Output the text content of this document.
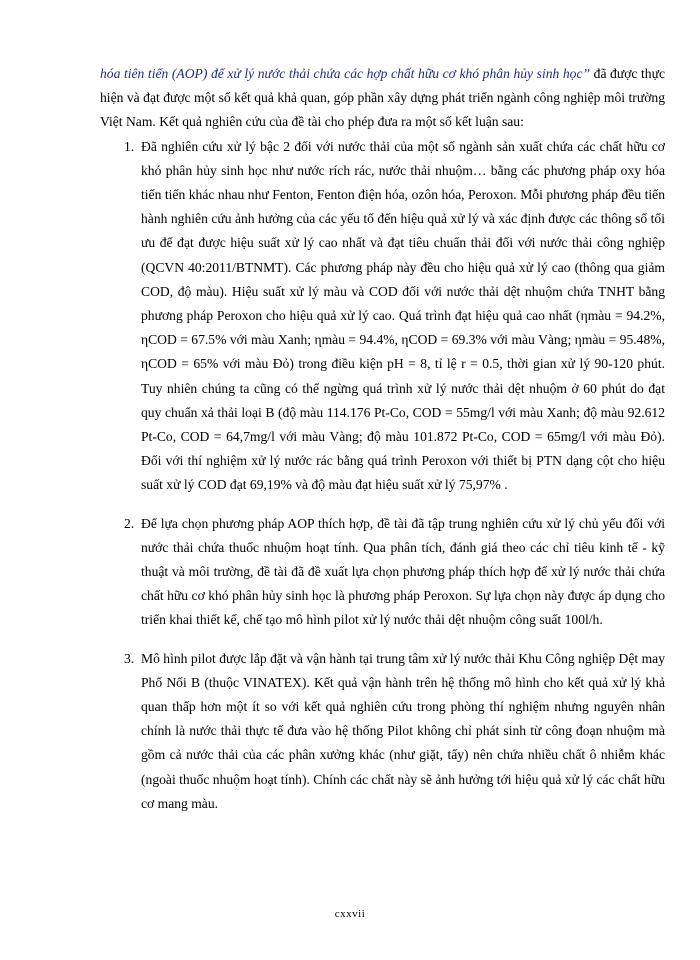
hóa tiên tiến (AOP) để xử lý nước thải chứa các hợp chất hữu cơ khó phân hủy sinh học” đã được thực hiện và đạt được một số kết quả khả quan, góp phần xây dựng phát triển ngành công nghiệp môi trường Việt Nam. Kết quả nghiên cứu của đề tài cho phép đưa ra một số kết luận sau:

1. Đã nghiên cứu xử lý bậc 2 đối với nước thải của một số ngành sản xuất chứa các chất hữu cơ khó phân hủy sinh học như nước rích rác, nước thải nhuộm… bằng các phương pháp oxy hóa tiến tiến khác nhau như Fenton, Fenton điện hóa, ozôn hóa, Peroxon. Mỗi phương pháp đều tiến hành nghiên cứu ảnh hưởng của các yếu tố đến hiệu quả xử lý và xác định được các thông số tối ưu để đạt được hiệu suất xử lý cao nhất và đạt tiêu chuẩn thải đối với nước thải công nghiệp (QCVN 40:2011/BTNMT). Các phương pháp này đều cho hiệu quả xử lý cao (thông qua giảm COD, độ màu). Hiệu suất xử lý màu và COD đối với nước thải dệt nhuộm chứa TNHT bằng phương pháp Peroxon cho hiệu quả xử lý cao. Quá trình đạt hiệu quả cao nhất (ηmàu = 94.2%, ηCOD = 67.5% với màu Xanh; ηmàu = 94.4%, ηCOD = 69.3% với màu Vàng; ηmàu = 95.48%, ηCOD = 65% với màu Đỏ) trong điều kiện pH = 8, tỉ lệ r = 0.5, thời gian xử lý 90-120 phút. Tuy nhiên chúng ta cũng có thể ngừng quá trình xử lý nước thải dệt nhuộm ở 60 phút do đạt quy chuẩn xả thải loại B (độ màu 114.176 Pt-Co, COD = 55mg/l với màu Xanh; độ màu 92.612 Pt-Co, COD = 64,7mg/l với màu Vàng; độ màu 101.872 Pt-Co, COD = 65mg/l với màu Đỏ). Đối với thí nghiệm xử lý nước rác bằng quá trình Peroxon với thiết bị PTN dạng cột cho hiệu suất xử lý COD đạt 69,19% và độ màu đạt hiệu suất xử lý 75,97% .
2. Để lựa chọn phương pháp AOP thích hợp, đề tài đã tập trung nghiên cứu xử lý chủ yếu đối với nước thải chứa thuốc nhuộm hoạt tính. Qua phân tích, đánh giá theo các chỉ tiêu kinh tế - kỹ thuật và môi trường, đề tài đã đề xuất lựa chọn phương pháp thích hợp để xử lý nước thải chứa chất hữu cơ khó phân hủy sinh học là phương pháp Peroxon. Sự lựa chọn này được áp dụng cho triển khai thiết kế, chế tạo mô hình pilot xử lý nước thải dệt nhuộm công suất 100l/h.
3. Mô hình pilot được lắp đặt và vận hành tại trung tâm xử lý nước thải Khu Công nghiệp Dệt may Phố Nối B (thuộc VINATEX). Kết quả vận hành trên hệ thống mô hình cho kết quả xử lý khả quan thấp hơn một ít so với kết quả nghiên cứu trong phòng thí nghiệm nhưng nguyên nhân chính là nước thải thực tế đưa vào hệ thống Pilot không chỉ phát sinh từ công đoạn nhuộm mà gồm cả nước thải của các phân xưởng khác (như giặt, tẩy) nên chứa nhiều chất ô nhiễm khác (ngoài thuốc nhuộm hoạt tính). Chính các chất này sẽ ảnh hưởng tới hiệu quả xử lý các chất hữu cơ mang màu.
cxxvii
